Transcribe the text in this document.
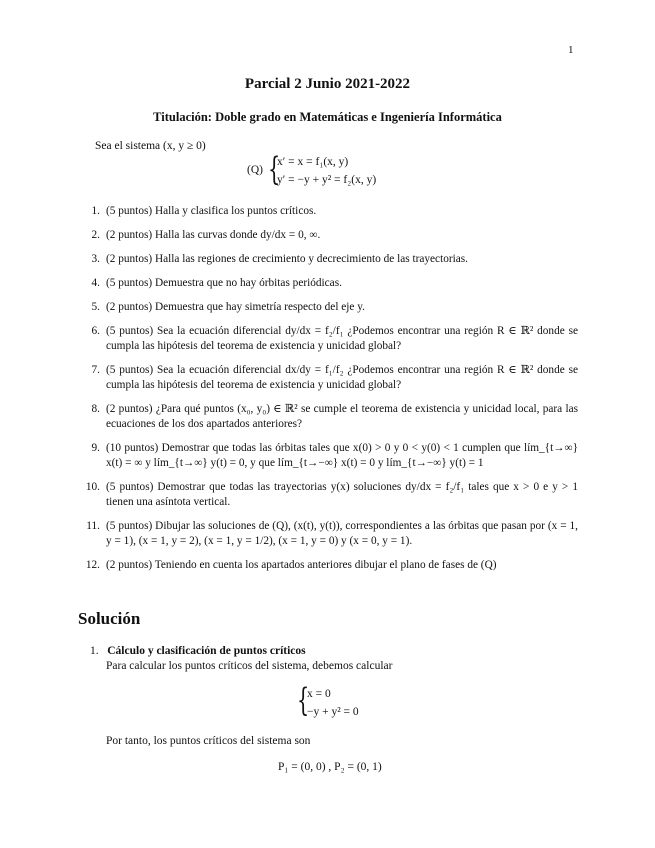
1
Parcial 2 Junio 2021-2022
Titulación: Doble grado en Matemáticas e Ingeniería Informática
Sea el sistema (x, y ≥ 0)
(Q) {
x′ = x = f₁(x, y)
y′ = −y + y² = f₂(x, y)
1. (5 puntos) Halla y clasifica los puntos críticos.
2. (2 puntos) Halla las curvas donde dy/dx = 0, ∞.
3. (2 puntos) Halla las regiones de crecimiento y decrecimiento de las trayectorias.
4. (5 puntos) Demuestra que no hay órbitas periódicas.
5. (2 puntos) Demuestra que hay simetría respecto del eje y.
6. (5 puntos) Sea la ecuación diferencial dy/dx = f₂/f₁ ¿Podemos encontrar una región R ∈ ℝ² donde se cumpla las hipótesis del teorema de existencia y unicidad global?
7. (5 puntos) Sea la ecuación diferencial dx/dy = f₁/f₂ ¿Podemos encontrar una región R ∈ ℝ² donde se cumpla las hipótesis del teorema de existencia y unicidad global?
8. (2 puntos) ¿Para qué puntos (x₀, y₀) ∈ ℝ² se cumple el teorema de existencia y unicidad local, para las ecuaciones de los dos apartados anteriores?
9. (10 puntos) Demostrar que todas las órbitas tales que x(0) > 0 y 0 < y(0) < 1 cumplen que lím_{t→∞} x(t) = ∞ y lím_{t→∞} y(t) = 0, y que lím_{t→−∞} x(t) = 0 y lím_{t→−∞} y(t) = 1
10. (5 puntos) Demostrar que todas las trayectorias y(x) soluciones dy/dx = f₂/f₁ tales que x > 0 e y > 1 tienen una asíntota vertical.
11. (5 puntos) Dibujar las soluciones de (Q), (x(t), y(t)), correspondientes a las órbitas que pasan por (x = 1, y = 1), (x = 1, y = 2), (x = 1, y = 1/2), (x = 1, y = 0) y (x = 0, y = 1).
12. (2 puntos) Teniendo en cuenta los apartados anteriores dibujar el plano de fases de (Q)
Solución
1. Cálculo y clasificación de puntos críticos
Para calcular los puntos críticos del sistema, debemos calcular
{
x = 0
−y + y² = 0
Por tanto, los puntos críticos del sistema son
P₁ = (0, 0) , P₂ = (0, 1)
